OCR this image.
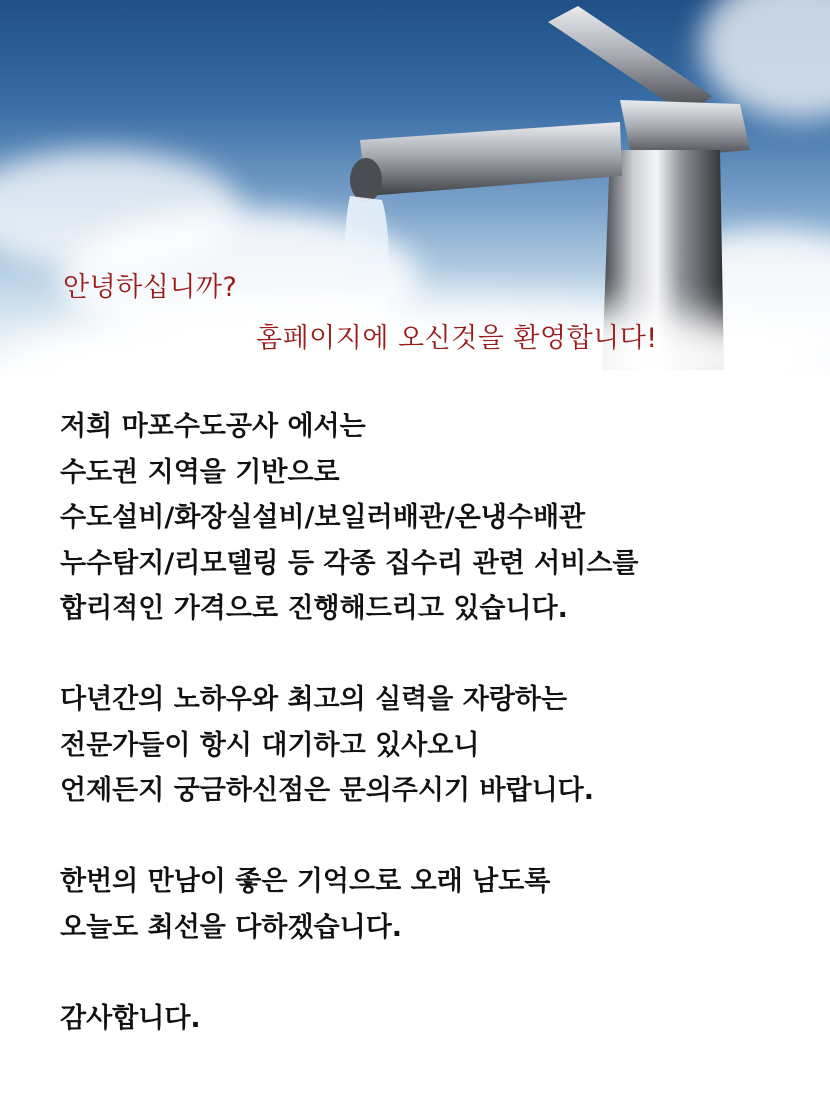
안녕하십니까?
홈페이지에 오신것을 환영합니다!
저희 마포수도공사 에서는
수도권 지역을 기반으로
수도설비/화장실설비/보일러배관/온냉수배관
누수탐지/리모델링 등 각종 집수리 관련 서비스를
합리적인 가격으로 진행해드리고 있습니다.
다년간의 노하우와 최고의 실력을 자랑하는
전문가들이 항시 대기하고 있사오니
언제든지 궁금하신점은 문의주시기 바랍니다.
한번의 만남이 좋은 기억으로 오래 남도록
오늘도 최선을 다하겠습니다.
감사합니다.
